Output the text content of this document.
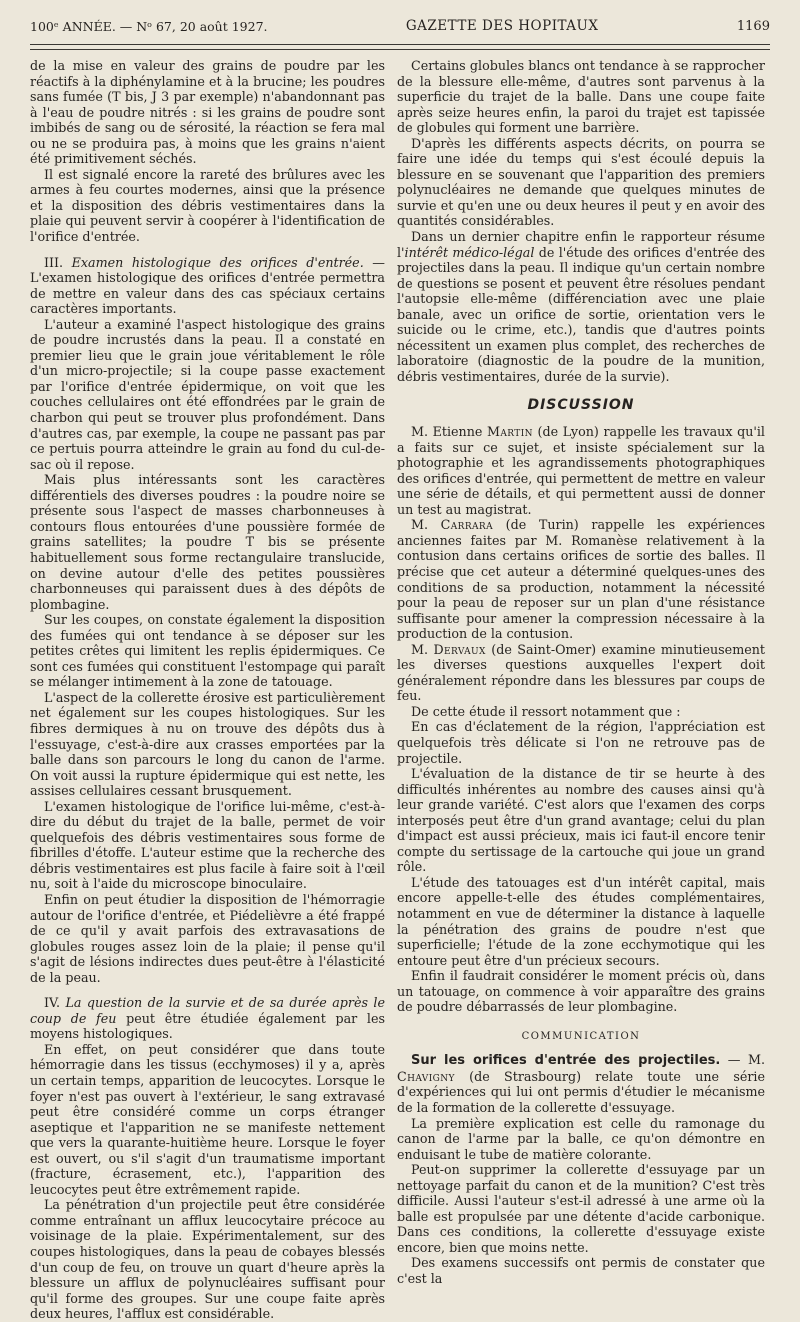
100ᵉ ANNÉE. — Nᵒ 67, 20 août 1927.	GAZETTE DES HOPITAUX	1169

de la mise en valeur des grains de poudre par les réactifs à la diphénylamine et à la brucine; les poudres sans fumée (T bis, J 3 par exemple) n'abandonnant pas à l'eau de poudre nitrés : si les grains de poudre sont imbibés de sang ou de sérosité, la réaction se fera mal ou ne se produira pas, à moins que les grains n'aient été primitivement séchés.

Il est signalé encore la rareté des brûlures avec les armes à feu courtes modernes, ainsi que la présence et la disposition des débris vestimentaires dans la plaie qui peuvent servir à coopérer à l'identification de l'orifice d'entrée.

III. Examen histologique des orifices d'entrée. — L'examen histologique des orifices d'entrée permettra de mettre en valeur dans des cas spéciaux certains caractères importants.

L'auteur a examiné l'aspect histologique des grains de poudre incrustés dans la peau. Il a constaté en premier lieu que le grain joue véritablement le rôle d'un micro-projectile; si la coupe passe exactement par l'orifice d'entrée épidermique, on voit que les couches cellulaires ont été effondrées par le grain de charbon qui peut se trouver plus profondément. Dans d'autres cas, par exemple, la coupe ne passant pas par ce pertuis pourra atteindre le grain au fond du cul-de-sac où il repose.

Mais plus intéressants sont les caractères différentiels des diverses poudres : la poudre noire se présente sous l'aspect de masses charbonneuses à contours flous entourées d'une poussière formée de grains satellites; la poudre T bis se présente habituellement sous forme rectangulaire translucide, on devine autour d'elle des petites poussières charbonneuses qui paraissent dues à des dépôts de plombagine.

Sur les coupes, on constate également la disposition des fumées qui ont tendance à se déposer sur les petites crêtes qui limitent les replis épidermiques. Ce sont ces fumées qui constituent l'estompage qui paraît se mélanger intimement à la zone de tatouage.

L'aspect de la collerette érosive est particulièrement net également sur les coupes histologiques. Sur les fibres dermiques à nu on trouve des dépôts dus à l'essuyage, c'est-à-dire aux crasses emportées par la balle dans son parcours le long du canon de l'arme. On voit aussi la rupture épidermique qui est nette, les assises cellulaires cessant brusquement.

L'examen histologique de l'orifice lui-même, c'est-à-dire du début du trajet de la balle, permet de voir quelquefois des débris vestimentaires sous forme de fibrilles d'étoffe. L'auteur estime que la recherche des débris vestimentaires est plus facile à faire soit à l'œil nu, soit à l'aide du microscope binoculaire.

Enfin on peut étudier la disposition de l'hémorragie autour de l'orifice d'entrée, et Piédelièvre a été frappé de ce qu'il y avait parfois des extravasations de globules rouges assez loin de la plaie; il pense qu'il s'agit de lésions indirectes dues peut-être à l'élasticité de la peau.

IV. La question de la survie et de sa durée après le coup de feu peut être étudiée également par les moyens histologiques.

En effet, on peut considérer que dans toute hémorragie dans les tissus (ecchymoses) il y a, après un certain temps, apparition de leucocytes. Lorsque le foyer n'est pas ouvert à l'extérieur, le sang extravasé peut être considéré comme un corps étranger aseptique et l'apparition ne se manifeste nettement que vers la quarante-huitième heure. Lorsque le foyer est ouvert, ou s'il s'agit d'un traumatisme important (fracture, écrasement, etc.), l'apparition des leucocytes peut être extrêmement rapide.

La pénétration d'un projectile peut être considérée comme entraînant un afflux leucocytaire précoce au voisinage de la plaie. Expérimentalement, sur des coupes histologiques, dans la peau de cobayes blessés d'un coup de feu, on trouve un quart d'heure après la blessure un afflux de polynucléaires suffisant pour qu'il forme des groupes. Sur une coupe faite après deux heures, l'afflux est considérable.

Certains globules blancs ont tendance à se rapprocher de la blessure elle-même, d'autres sont parvenus à la superficie du trajet de la balle. Dans une coupe faite après seize heures enfin, la paroi du trajet est tapissée de globules qui forment une barrière.

D'après les différents aspects décrits, on pourra se faire une idée du temps qui s'est écoulé depuis la blessure en se souvenant que l'apparition des premiers polynucléaires ne demande que quelques minutes de survie et qu'en une ou deux heures il peut y en avoir des quantités considérables.

Dans un dernier chapitre enfin le rapporteur résume l'intérêt médico-légal de l'étude des orifices d'entrée des projectiles dans la peau. Il indique qu'un certain nombre de questions se posent et peuvent être résolues pendant l'autopsie elle-même (différenciation avec une plaie banale, avec un orifice de sortie, orientation vers le suicide ou le crime, etc.), tandis que d'autres points nécessitent un examen plus complet, des recherches de laboratoire (diagnostic de la poudre de la munition, débris vestimentaires, durée de la survie).

DISCUSSION

M. Etienne Martin (de Lyon) rappelle les travaux qu'il a faits sur ce sujet, et insiste spécialement sur la photographie et les agrandissements photographiques des orifices d'entrée, qui permettent de mettre en valeur une série de détails, et qui permettent aussi de donner un test au magistrat.

M. Carrara (de Turin) rappelle les expériences anciennes faites par M. Romanèse relativement à la contusion dans certains orifices de sortie des balles. Il précise que cet auteur a déterminé quelques-unes des conditions de sa production, notamment la nécessité pour la peau de reposer sur un plan d'une résistance suffisante pour amener la compression nécessaire à la production de la contusion.

M. Dervaux (de Saint-Omer) examine minutieusement les diverses questions auxquelles l'expert doit généralement répondre dans les blessures par coups de feu.

De cette étude il ressort notamment que :

En cas d'éclatement de la région, l'appréciation est quelquefois très délicate si l'on ne retrouve pas de projectile.

L'évaluation de la distance de tir se heurte à des difficultés inhérentes au nombre des causes ainsi qu'à leur grande variété. C'est alors que l'examen des corps interposés peut être d'un grand avantage; celui du plan d'impact est aussi précieux, mais ici faut-il encore tenir compte du sertissage de la cartouche qui joue un grand rôle.

L'étude des tatouages est d'un intérêt capital, mais encore appelle-t-elle des études complémentaires, notamment en vue de déterminer la distance à laquelle la pénétration des grains de poudre n'est que superficielle; l'étude de la zone ecchymotique qui les entoure peut être d'un précieux secours.

Enfin il faudrait considérer le moment précis où, dans un tatouage, on commence à voir apparaître des grains de poudre débarrassés de leur plombagine.

COMMUNICATION

Sur les orifices d'entrée des projectiles. — M. Chavigny (de Strasbourg) relate toute une série d'expériences qui lui ont permis d'étudier le mécanisme de la formation de la collerette d'essuyage.

La première explication est celle du ramonage du canon de l'arme par la balle, ce qu'on démontre en enduisant le tube de matière colorante.

Peut-on supprimer la collerette d'essuyage par un nettoyage parfait du canon et de la munition? C'est très difficile. Aussi l'auteur s'est-il adressé à une arme où la balle est propulsée par une détente d'acide carbonique. Dans ces conditions, la collerette d'essuyage existe encore, bien que moins nette.

Des examens successifs ont permis de constater que c'est la
